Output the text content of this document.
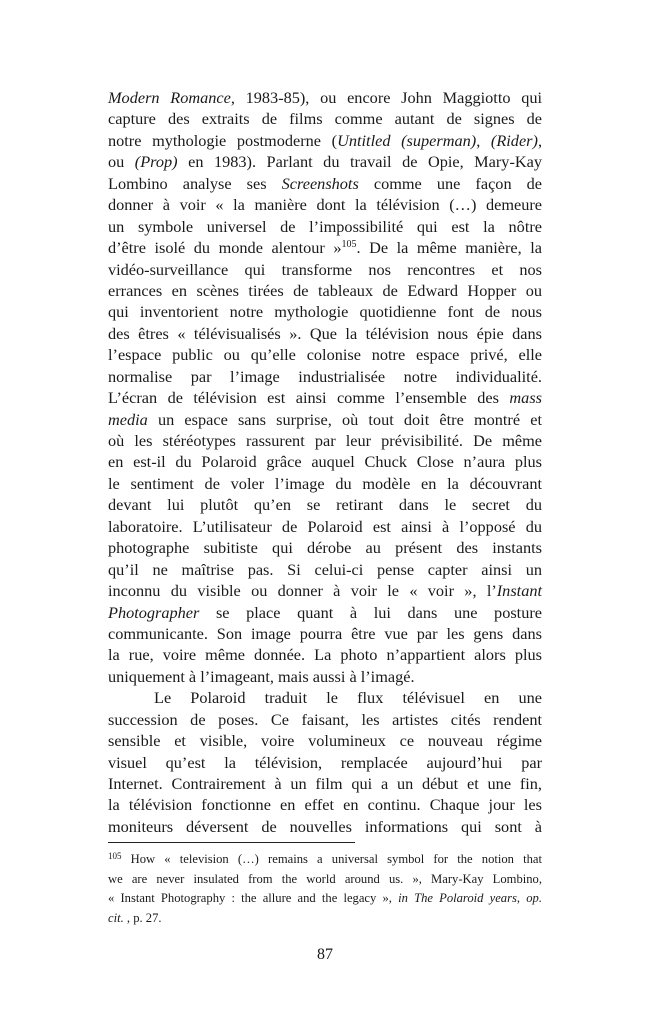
Modern Romance, 1983-85), ou encore John Maggiotto qui
capture des extraits de films comme autant de signes de
notre mythologie postmoderne (Untitled (superman), (Rider),
ou (Prop) en 1983). Parlant du travail de Opie, Mary-Kay
Lombino analyse ses Screenshots comme une façon de
donner à voir « la manière dont la télévision (…) demeure
un symbole universel de l’impossibilité qui est la nôtre
d’être isolé du monde alentour »$^{105}$. De la même manière, la
vidéo-surveillance qui transforme nos rencontres et nos
errances en scènes tirées de tableaux de Edward Hopper ou
qui inventorient notre mythologie quotidienne font de nous
des êtres « télévisualisés ». Que la télévision nous épie dans
l’espace public ou qu’elle colonise notre espace privé, elle
normalise par l’image industrialisée notre individualité.
L’écran de télévision est ainsi comme l’ensemble des mass
media un espace sans surprise, où tout doit être montré et
où les stéréotypes rassurent par leur prévisibilité. De même
en est-il du Polaroid grâce auquel Chuck Close n’aura plus
le sentiment de voler l’image du modèle en la découvrant
devant lui plutôt qu’en se retirant dans le secret du
laboratoire. L’utilisateur de Polaroid est ainsi à l’opposé du
photographe subitiste qui dérobe au présent des instants
qu’il ne maîtrise pas. Si celui-ci pense capter ainsi un
inconnu du visible ou donner à voir le « voir », l’Instant
Photographer se place quant à lui dans une posture
communicante. Son image pourra être vue par les gens dans
la rue, voire même donnée. La photo n’appartient alors plus
uniquement à l’imageant, mais aussi à l’imagé.
Le Polaroid traduit le flux télévisuel en une
succession de poses. Ce faisant, les artistes cités rendent
sensible et visible, voire volumineux ce nouveau régime
visuel qu’est la télévision, remplacée aujourd’hui par
Internet. Contrairement à un film qui a un début et une fin,
la télévision fonctionne en effet en continu. Chaque jour les
moniteurs déversent de nouvelles informations qui sont à
$^{105}$ How « television (…) remains a universal symbol for the notion that
we are never insulated from the world around us. », Mary-Kay Lombino,
« Instant Photography : the allure and the legacy », in The Polaroid years, op.
cit. , p. 27.
87
